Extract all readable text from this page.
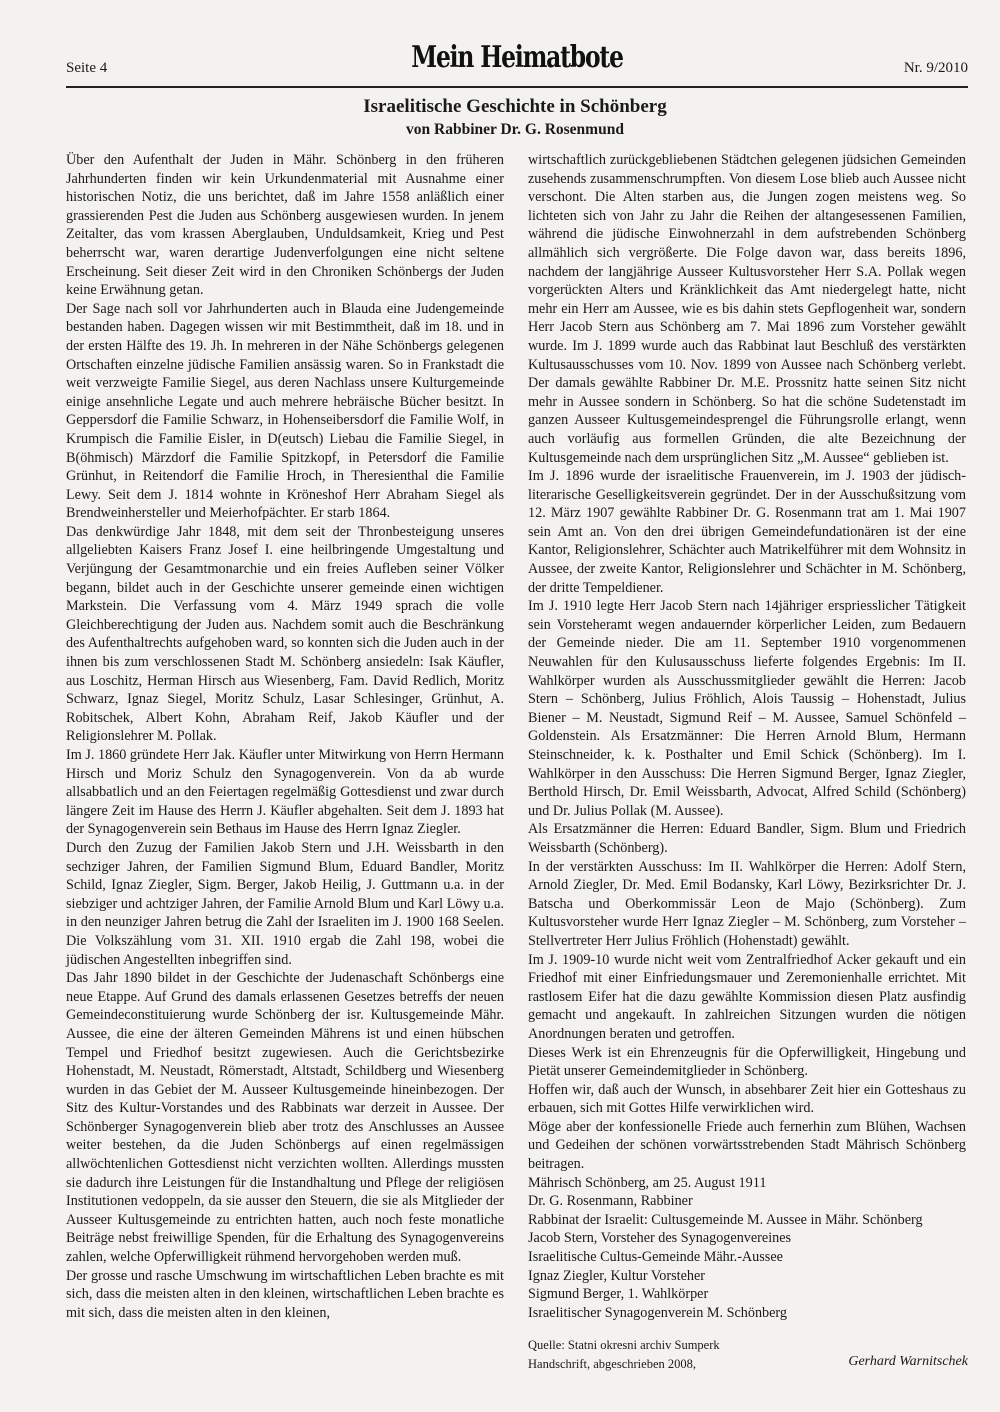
Seite 4	Mein Heimatbote	Nr. 9/2010
Israelitische Geschichte in Schönberg
von Rabbiner Dr. G. Rosenmund

Über den Aufenthalt der Juden in Mähr. Schönberg in den früheren Jahrhunderten finden wir kein Urkundenmaterial mit Ausnahme einer historischen Notiz, die uns berichtet, daß im Jahre 1558 anläßlich einer grassierenden Pest die Juden aus Schönberg ausgewiesen wurden. In jenem Zeitalter, das vom krassen Aberglauben, Unduldsamkeit, Krieg und Pest beherrscht war, waren derartige Judenverfolgungen eine nicht seltene Erscheinung. Seit dieser Zeit wird in den Chroniken Schönbergs der Juden keine Erwähnung getan.

Der Sage nach soll vor Jahrhunderten auch in Blauda eine Judengemeinde bestanden haben. Dagegen wissen wir mit Bestimmtheit, daß im 18. und in der ersten Hälfte des 19. Jh. In mehreren in der Nähe Schönbergs gelegenen Ortschaften einzelne jüdische Familien ansässig waren. So in Frankstadt die weit verzweigte Familie Siegel, aus deren Nachlass unsere Kulturgemeinde einige ansehnliche Legate und auch mehrere hebräische Bücher besitzt. In Geppersdorf die Familie Schwarz, in Hohenseibersdorf die Familie Wolf, in Krumpisch die Familie Eisler, in D(eutsch) Liebau die Familie Siegel, in B(öhmisch) Märzdorf die Familie Spitzkopf, in Petersdorf die Familie Grünhut, in Reitendorf die Familie Hroch, in Theresienthal die Familie Lewy. Seit dem J. 1814 wohnte in Kröneshof Herr Abraham Siegel als Brendweinhersteller und Meierhofpächter. Er starb 1864.

Das denkwürdige Jahr 1848, mit dem seit der Thronbesteigung unseres allgeliebten Kaisers Franz Josef I. eine heilbringende Umgestaltung und Verjüngung der Gesamtmonarchie und ein freies Aufleben seiner Völker begann, bildet auch in der Geschichte unserer gemeinde einen wichtigen Markstein. Die Verfassung vom 4. März 1949 sprach die volle Gleichberechtigung der Juden aus. Nachdem somit auch die Beschränkung des Aufenthaltrechts aufgehoben ward, so konnten sich die Juden auch in der ihnen bis zum verschlossenen Stadt M. Schönberg ansiedeln: Isak Käufler, aus Loschitz, Herman Hirsch aus Wiesenberg, Fam. David Redlich, Moritz Schwarz, Ignaz Siegel, Moritz Schulz, Lasar Schlesinger, Grünhut, A. Robitschek, Albert Kohn, Abraham Reif, Jakob Käufler und der Religionslehrer M. Pollak.

Im J. 1860 gründete Herr Jak. Käufler unter Mitwirkung von Herrn Hermann Hirsch und Moriz Schulz den Synagogenverein. Von da ab wurde allsabbatlich und an den Feiertagen regelmäßig Gottesdienst und zwar durch längere Zeit im Hause des Herrn J. Käufler abgehalten. Seit dem J. 1893 hat der Synagogenverein sein Bethaus im Hause des Herrn Ignaz Ziegler.

Durch den Zuzug der Familien Jakob Stern und J.H. Weissbarth in den sechziger Jahren, der Familien Sigmund Blum, Eduard Bandler, Moritz Schild, Ignaz Ziegler, Sigm. Berger, Jakob Heilig, J. Guttmann u.a. in der siebziger und achtziger Jahren, der Familie Arnold Blum und Karl Löwy u.a. in den neunziger Jahren betrug die Zahl der Israeliten im J. 1900 168 Seelen. Die Volkszählung vom 31. XII. 1910 ergab die Zahl 198, wobei die jüdischen Angestellten inbegriffen sind.

Das Jahr 1890 bildet in der Geschichte der Judenaschaft Schönbergs eine neue Etappe. Auf Grund des damals erlassenen Gesetzes betreffs der neuen Gemeindeconstituierung wurde Schönberg der isr. Kultusgemeinde Mähr. Aussee, die eine der älteren Gemeinden Mährens ist und einen hübschen Tempel und Friedhof besitzt zugewiesen. Auch die Gerichtsbezirke Hohenstadt, M. Neustadt, Römerstadt, Altstadt, Schildberg und Wiesenberg wurden in das Gebiet der M. Ausseer Kultusgemeinde hineinbezogen. Der Sitz des Kultur-Vorstandes und des Rabbinats war derzeit in Aussee. Der Schönberger Synagogenverein blieb aber trotz des Anschlusses an Aussee weiter bestehen, da die Juden Schönbergs auf einen regelmässigen allwöchtenlichen Gottesdienst nicht verzichten wollten. Allerdings mussten sie dadurch ihre Leistungen für die Instandhaltung und Pflege der religiösen Institutionen vedoppeln, da sie ausser den Steuern, die sie als Mitglieder der Ausseer Kultusgemeinde zu entrichten hatten, auch noch feste monatliche Beiträge nebst freiwillige Spenden, für die Erhaltung des Synagogenvereins zahlen, welche Opferwilligkeit rühmend hervorgehoben werden muß.

Der grosse und rasche Umschwung im wirtschaftlichen Leben brachte es mit sich, dass die meisten alten in den kleinen, wirtschaftlichen Leben brachte es mit sich, dass die meisten alten in den kleinen,

wirtschaftlich zurückgebliebenen Städtchen gelegenen jüdsichen Gemeinden zusehends zusammenschrumpften. Von diesem Lose blieb auch Aussee nicht verschont. Die Alten starben aus, die Jungen zogen meistens weg. So lichteten sich von Jahr zu Jahr die Reihen der altangesessenen Familien, während die jüdische Einwohnerzahl in dem aufstrebenden Schönberg allmählich sich vergrößerte. Die Folge davon war, dass bereits 1896, nachdem der langjährige Ausseer Kultusvorsteher Herr S.A. Pollak wegen vorgerückten Alters und Kränklichkeit das Amt niedergelegt hatte, nicht mehr ein Herr am Aussee, wie es bis dahin stets Gepflogenheit war, sondern Herr Jacob Stern aus Schönberg am 7. Mai 1896 zum Vorsteher gewählt wurde. Im J. 1899 wurde auch das Rabbinat laut Beschluß des verstärkten Kultusausschusses vom 10. Nov. 1899 von Aussee nach Schönberg verlebt. Der damals gewählte Rabbiner Dr. M.E. Prossnitz hatte seinen Sitz nicht mehr in Aussee sondern in Schönberg. So hat die schöne Sudetenstadt im ganzen Ausseer Kultusgemeindesprengel die Führungsrolle erlangt, wenn auch vorläufig aus formellen Gründen, die alte Bezeichnung der Kultusgemeinde nach dem ursprünglichen Sitz „M. Aussee“ geblieben ist.

Im J. 1896 wurde der israelitische Frauenverein, im J. 1903 der jüdisch-literarische Geselligkeitsverein gegründet. Der in der Ausschußsitzung vom 12. März 1907 gewählte Rabbiner Dr. G. Rosenmann trat am 1. Mai 1907 sein Amt an. Von den drei übrigen Gemeindefundationären ist der eine Kantor, Religionslehrer, Schächter auch Matrikelführer mit dem Wohnsitz in Aussee, der zweite Kantor, Religionslehrer und Schächter in M. Schönberg, der dritte Tempeldiener.

Im J. 1910 legte Herr Jacob Stern nach 14jähriger erspriesslicher Tätigkeit sein Vorsteheramt wegen andauernder körperlicher Leiden, zum Bedauern der Gemeinde nieder. Die am 11. September 1910 vorgenommenen Neuwahlen für den Kulusausschuss lieferte folgendes Ergebnis: Im II. Wahlkörper wurden als Ausschussmitglieder gewählt die Herren: Jacob Stern – Schönberg, Julius Fröhlich, Alois Taussig – Hohenstadt, Julius Biener – M. Neustadt, Sigmund Reif – M. Aussee, Samuel Schönfeld – Goldenstein. Als Ersatzmänner: Die Herren Arnold Blum, Hermann Steinschneider, k. k. Posthalter und Emil Schick (Schönberg). Im I. Wahlkörper in den Ausschuss: Die Herren Sigmund Berger, Ignaz Ziegler, Berthold Hirsch, Dr. Emil Weissbarth, Advocat, Alfred Schild (Schönberg) und Dr. Julius Pollak (M. Aussee).

Als Ersatzmänner die Herren: Eduard Bandler, Sigm. Blum und Friedrich Weissbarth (Schönberg).

In der verstärkten Ausschuss: Im II. Wahlkörper die Herren: Adolf Stern, Arnold Ziegler, Dr. Med. Emil Bodansky, Karl Löwy, Bezirksrichter Dr. J. Batscha und Oberkommissär Leon de Majo (Schönberg). Zum Kultusvorsteher wurde Herr Ignaz Ziegler – M. Schönberg, zum Vorsteher – Stellvertreter Herr Julius Fröhlich (Hohenstadt) gewählt.

Im J. 1909-10 wurde nicht weit vom Zentralfriedhof Acker gekauft und ein Friedhof mit einer Einfriedungsmauer und Zeremonienhalle errichtet. Mit rastlosem Eifer hat die dazu gewählte Kommission diesen Platz ausfindig gemacht und angekauft. In zahlreichen Sitzungen wurden die nötigen Anordnungen beraten und getroffen.

Dieses Werk ist ein Ehrenzeugnis für die Opferwilligkeit, Hingebung und Pietät unserer Gemeindemitglieder in Schönberg.

Hoffen wir, daß auch der Wunsch, in absehbarer Zeit hier ein Gotteshaus zu erbauen, sich mit Gottes Hilfe verwirklichen wird.

Möge aber der konfessionelle Friede auch fernerhin zum Blühen, Wachsen und Gedeihen der schönen vorwärtsstrebenden Stadt Mährisch Schönberg beitragen.

Mährisch Schönberg, am 25. August 1911

Dr. G. Rosenmann, Rabbiner

Rabbinat der Israelit: Cultusgemeinde M. Aussee in Mähr. Schönberg

Jacob Stern, Vorsteher des Synagogenvereines

Israelitische Cultus-Gemeinde Mähr.-Aussee

Ignaz Ziegler, Kultur Vorsteher

Sigmund Berger, 1. Wahlkörper

Israelitischer Synagogenverein M. Schönberg

Quelle: Statni okresni archiv Sumperk

Handschrift, abgeschrieben 2008,	Gerhard Warnitschek
